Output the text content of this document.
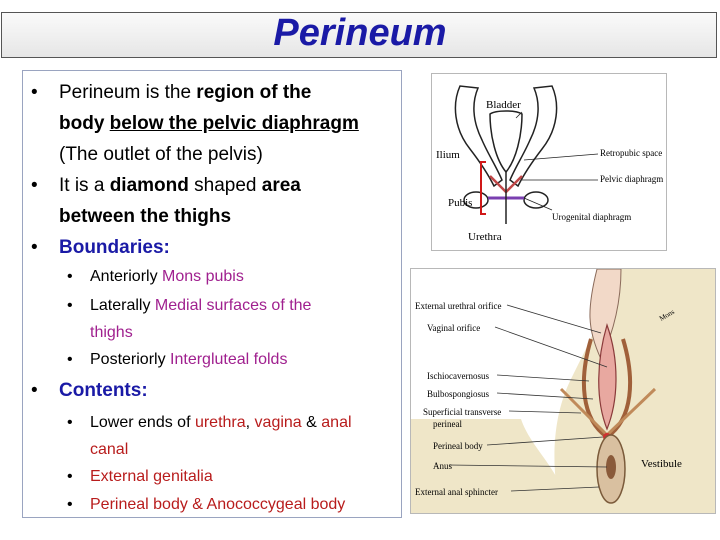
Perineum
• Perineum is the region of the
body below the pelvic diaphragm
(The outlet of the pelvis)
• It is a diamond shaped area
between the thighs
• Boundaries:
• Anteriorly Mons pubis
• Laterally Medial surfaces of the
thighs
• Posteriorly Intergluteal folds
• Contents:
• Lower ends of urethra, vagina & anal
canal
• External genitalia
• Perineal body & Anococcygeal body
Bladder
Ilium
Pubis
Urethra
Retropubic space
Pelvic diaphragm
Urogenital diaphragm
External urethral orifice
Vaginal orifice
Ischiocavernosus
Bulbospongiosus
Superficial transverse
perineal
Perineal body
Anus
External anal sphincter
Vestibule
Mons
